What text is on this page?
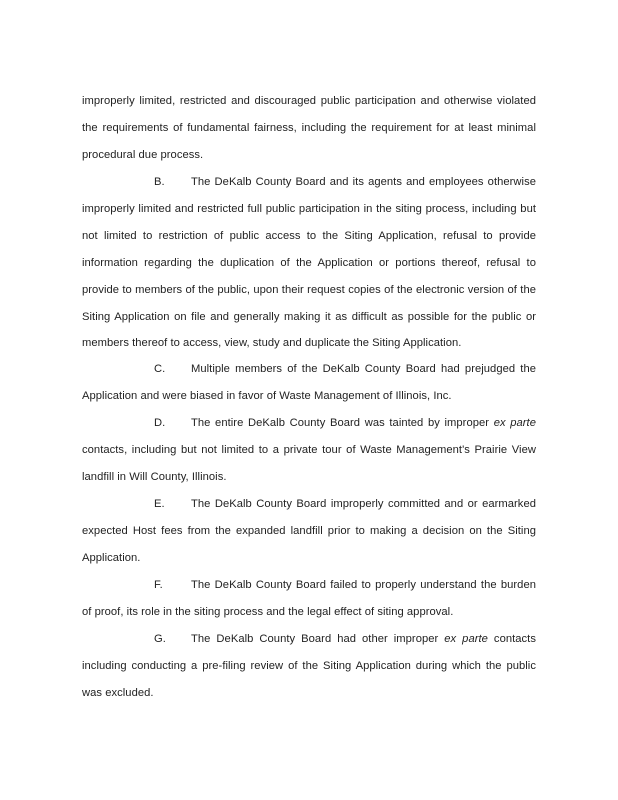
improperly limited, restricted and discouraged public participation and otherwise violated the requirements of fundamental fairness, including the requirement for at least minimal procedural due process.
B. The DeKalb County Board and its agents and employees otherwise improperly limited and restricted full public participation in the siting process, including but not limited to restriction of public access to the Siting Application, refusal to provide information regarding the duplication of the Application or portions thereof, refusal to provide to members of the public, upon their request copies of the electronic version of the Siting Application on file and generally making it as difficult as possible for the public or members thereof to access, view, study and duplicate the Siting Application.
C. Multiple members of the DeKalb County Board had prejudged the Application and were biased in favor of Waste Management of Illinois, Inc.
D. The entire DeKalb County Board was tainted by improper ex parte contacts, including but not limited to a private tour of Waste Management's Prairie View landfill in Will County, Illinois.
E. The DeKalb County Board improperly committed and or earmarked expected Host fees from the expanded landfill prior to making a decision on the Siting Application.
F.	The DeKalb County Board failed to properly understand the burden of proof, its role in the siting process and the legal effect of siting approval.
G. The DeKalb County Board had other improper ex parte contacts including conducting a pre-filing review of the Siting Application during which the public was excluded.
